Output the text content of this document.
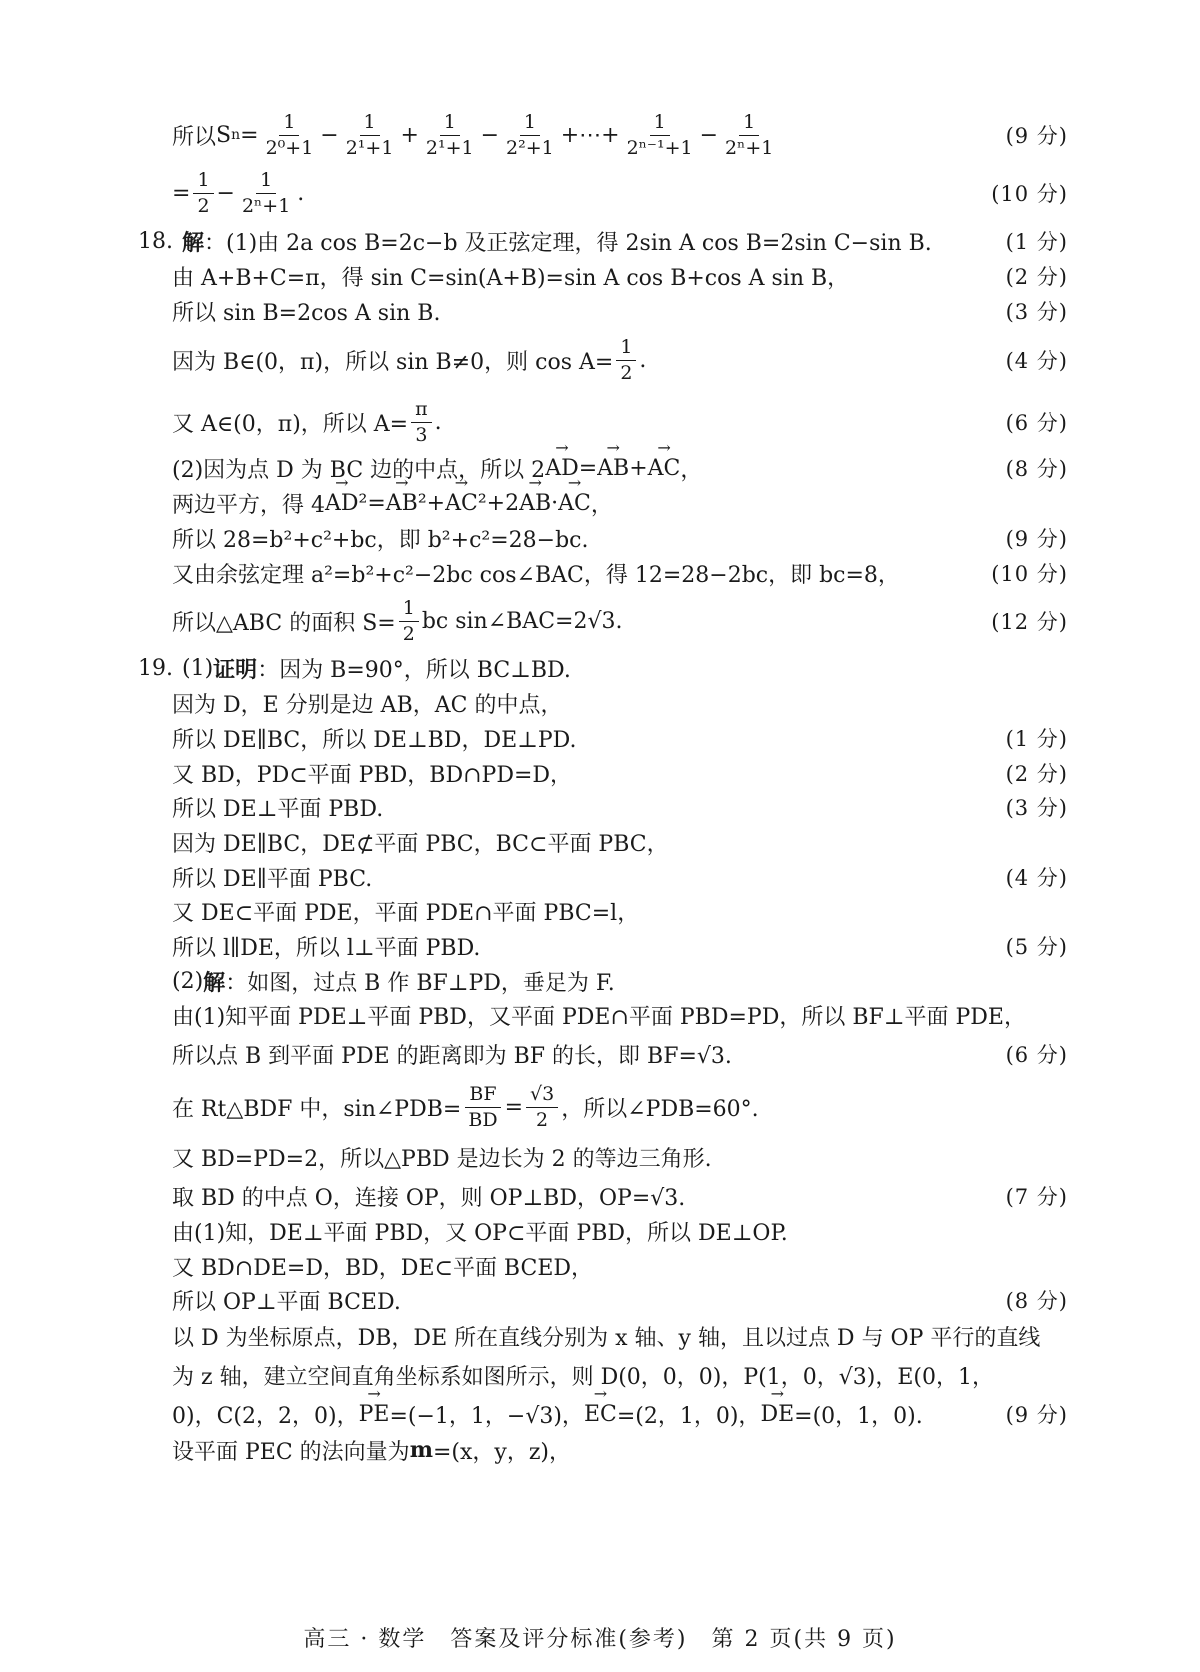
所以 S $n = \frac{1}{\text{2⁰+1}} - \frac{1}{\text{2¹+1}} + \frac{1}{\text{2¹+1}} - \frac{1}{\text{2²+1}}$ +⋯+ $\frac{1}{\text{2ⁿ⁻¹+1}} - \frac{1}{\text{2ⁿ+1}}$	(9 分)
= $\frac{1}{2} - \frac{1}{\text{2ⁿ+1}}$ .	(10 分)
18. 解 ：(1)由 2a cos B=2c−b 及正弦定理，得 2sin A cos B=2sin C−sin B.	(1 分)
由 A+B+C=π，得 sin C=sin(A+B)=sin A cos B+cos A sin B，	(2 分)
所以 sin B=2cos A sin B.	(3 分)
因为 B∈(0，π)，所以 sin B≠0，则 $\cos A= \frac{1}{2}$ .	(4 分)
又 A∈(0，π)，所以 $A= \frac{\pi}{3}$ .	(6 分)
(2)因为点 D 为 BC 边的中点，所以 2 → AD = → AB + → AC ，	(8 分)
两边平方，得 4 → AD ²= → AB ²+ → AC ²+2 → AB · → AC ，
所以 28=b²+c²+bc，即 b²+c²=28−bc.	(9 分)
又由余弦定理 a²=b²+c²−2bc cos∠BAC，得 12=28−2bc，即 bc=8，	(10 分)
所以△ABC 的面积 $S= \frac{1}{2}$ bc sin∠BAC=2√3.	(12 分)
19. (1) 证明 ：因为 B=90°，所以 BC⊥BD.
因为 D，E 分别是边 AB，AC 的中点，
所以 DE∥BC，所以 DE⊥BD，DE⊥PD.	(1 分)
又 BD，PD⊂平面 PBD，BD∩PD=D，	(2 分)
所以 DE⊥平面 PBD.	(3 分)
因为 DE∥BC，DE⊄平面 PBC，BC⊂平面 PBC，
所以 DE∥平面 PBC.	(4 分)
又 DE⊂平面 PDE，平面 PDE∩平面 PBC=l，
所以 l∥DE，所以 l⊥平面 PBD.	(5 分)
(2) 解 ：如图，过点 B 作 BF⊥PD，垂足为 F.
由(1)知平面 PDE⊥平面 PBD，又平面 PDE∩平面 PBD=PD，所以 BF⊥平面 PDE，
所以点 B 到平面 PDE 的距离即为 BF 的长，即 BF=√3.	(6 分)
在 Rt△BDF 中，sin∠PDB= $\frac{BF}{BD} = \frac{√3}{2}$ ，所以∠PDB=60°.
又 BD=PD=2，所以△PBD 是边长为 2 的等边三角形.
取 BD 的中点 O，连接 OP，则 OP⊥BD，OP=√3.	(7 分)
由(1)知，DE⊥平面 PBD，又 OP⊂平面 PBD，所以 DE⊥OP.
又 BD∩DE=D，BD，DE⊂平面 BCED，
所以 OP⊥平面 BCED.	(8 分)
以 D 为坐标原点，DB，DE 所在直线分别为 x 轴、y 轴，且以过点 D 与 OP 平行的直线
为 z 轴，建立空间直角坐标系如图所示，则 D(0，0，0)，P(1，0，√3)，E(0，1，
0)，C(2，2，0)， → PE =(−1，1，−√3)， → EC =(2，1，0)， → DE =(0，1，0).	(9 分)
设平面 PEC 的法向量为 m =(x，y，z)，
高三 · 数学　答案及评分标准(参考)　第 2 页(共 9 页)
